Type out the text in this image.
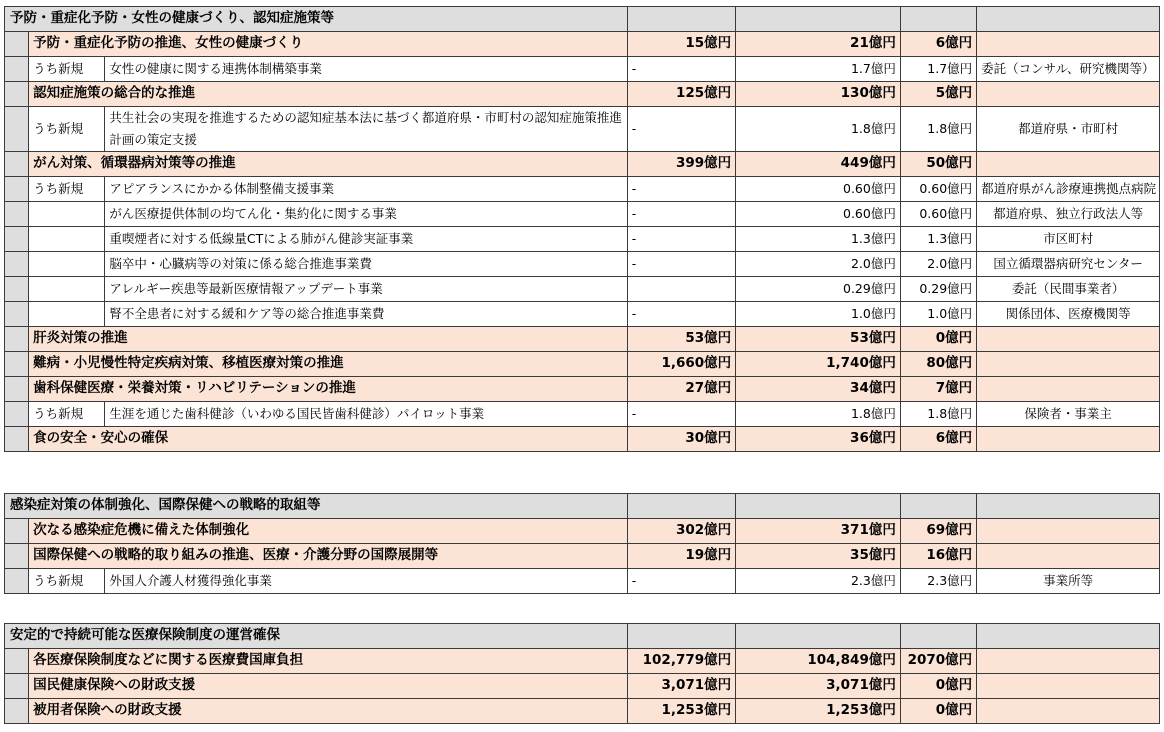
予防・重症化予防・女性の健康づくり、認知症施策等						
	予防・重症化予防の推進、女性の健康づくり		15億円	21億円	6億円	
	うち新規	女性の健康に関する連携体制構築事業	-	1.7億円	1.7億円	委託（コンサル、研究機関等）
	認知症施策の総合的な推進		125億円	130億円	5億円	
	うち新規	共生社会の実現を推進するための認知症基本法に基づく都道府県・市町村の認知症施策推進計画の策定支援	-	1.8億円	1.8億円	都道府県・市町村
	がん対策、循環器病対策等の推進		399億円	449億円	50億円	
	うち新規	アピアランスにかかる体制整備支援事業	-	0.60億円	0.60億円	都道府県がん診療連携拠点病院
		がん医療提供体制の均てん化・集約化に関する事業	-	0.60億円	0.60億円	都道府県、独立行政法人等
		重喫煙者に対する低線量CTによる肺がん健診実証事業	-	1.3億円	1.3億円	市区町村
		脳卒中・心臓病等の対策に係る総合推進事業費	-	2.0億円	2.0億円	国立循環器病研究センター
		アレルギー疾患等最新医療情報アップデート事業		0.29億円	0.29億円	委託（民間事業者）
		腎不全患者に対する緩和ケア等の総合推進事業費	-	1.0億円	1.0億円	関係団体、医療機関等
	肝炎対策の推進		53億円	53億円	0億円	
	難病・小児慢性特定疾病対策、移植医療対策の推進		1,660億円	1,740億円	80億円	
	歯科保健医療・栄養対策・リハビリテーションの推進		27億円	34億円	7億円	
	うち新規	生涯を通じた歯科健診（いわゆる国民皆歯科健診）パイロット事業	-	1.8億円	1.8億円	保険者・事業主
	食の安全・安心の確保		30億円	36億円	6億円	
感染症対策の体制強化、国際保健への戦略的取組等						
	次なる感染症危機に備えた体制強化		302億円	371億円	69億円	
	国際保健への戦略的取り組みの推進、医療・介護分野の国際展開等		19億円	35億円	16億円	
	うち新規	外国人介護人材獲得強化事業	-	2.3億円	2.3億円	事業所等
安定的で持続可能な医療保険制度の運営確保					
	各医療保険制度などに関する医療費国庫負担	102,779億円	104,849億円	2070億円	
	国民健康保険への財政支援	3,071億円	3,071億円	0億円	
	被用者保険への財政支援	1,253億円	1,253億円	0億円	
